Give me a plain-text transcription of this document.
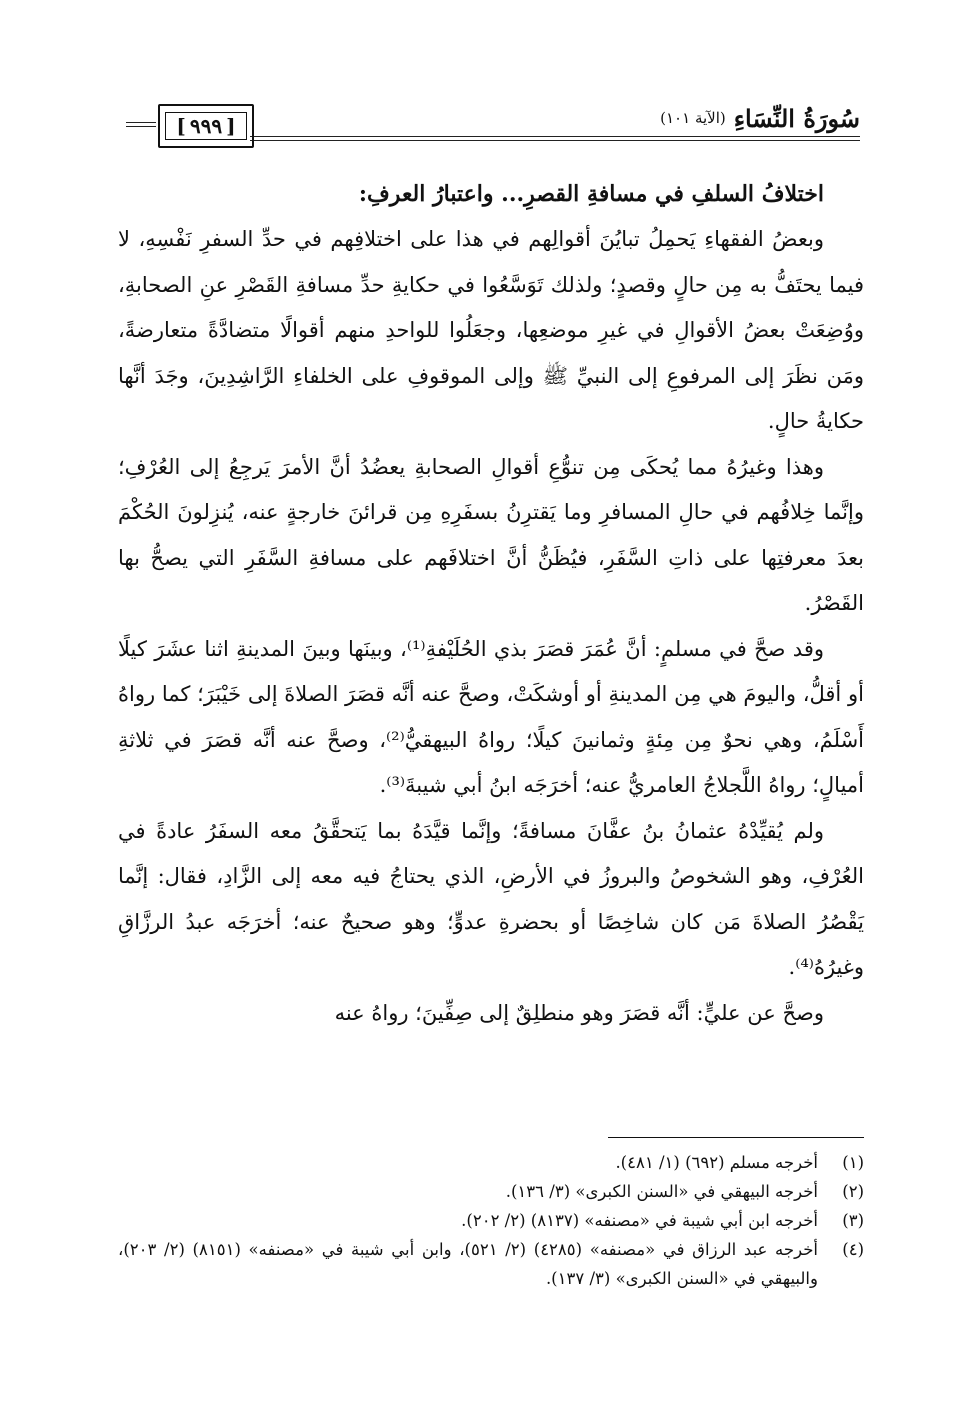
سُورَةُ النِّسَاءِ
(الآية ١٠١)
[ ٩٩٩ ]
اختلافُ السلفِ في مسافةِ القصرِ... واعتبارُ العرفِ:

وبعضُ الفقهاءِ يَحمِلُ تبايُنَ أقوالِهم في هذا على اختلافِهم في حدِّ السفرِ نَفْسِهِ، لا فيما يحتَفُّ به مِن حالٍ وقصدٍ؛ ولذلك تَوَسَّعُوا في حكايةِ حدِّ مسافةِ القَصْرِ عنِ الصحابةِ، ووُضِعَتْ بعضُ الأقوالِ في غيرِ موضعِها، وجعَلُوا للواحدِ منهم أقوالًا متضادَّةً متعارضةً، ومَن نظَرَ إلى المرفوعِ إلى النبيِّ ﷺ وإلى الموقوفِ على الخلفاءِ الرَّاشِدِينَ، وجَدَ أنَّها حكايةُ حالٍ.

وهذا وغيرُهُ مما يُحكَى مِن تنوُّعِ أقوالِ الصحابةِ يعضُدُ أنَّ الأمرَ يَرجِعُ إلى العُرْفِ؛ وإنَّما خِلافُهم في حالِ المسافرِ وما يَقترِنُ بسفَرِهِ مِن قرائنَ خارجةٍ عنه، يُنزِلونَ الحُكْمَ بعدَ معرفتِها على ذاتِ السَّفَرِ، فيُظَنُّ أنَّ اختلافَهم على مسافةِ السَّفَرِ التي يصحُّ بها القَصْرُ.

وقد صحَّ في مسلمٍ: أنَّ عُمَرَ قصَرَ بذي الحُلَيْفةِ⁽¹⁾، وبينَها وبينَ المدينةِ اثنا عشَرَ كيلًا أو أقلُّ، واليومَ هي مِن المدينةِ أو أوشكَتْ، وصحَّ عنه أنَّه قصَرَ الصلاةَ إلى خَيْبَرَ؛ كما رواهُ أَسْلَمُ، وهي نحوٌ مِن مِئةٍ وثمانينَ كيلًا؛ رواهُ البيهقيُّ⁽²⁾، وصحَّ عنه أنَّه قصَرَ في ثلاثةِ أميالٍ؛ رواهُ اللَّجلاجُ العامريُّ عنه؛ أخرَجَه ابنُ أبي شيبةَ⁽³⁾.

ولم يُقيِّدْهُ عثمانُ بنُ عفَّانَ مسافةً؛ وإنَّما قيَّدَهُ بما يَتحقَّقُ معه السفَرُ عادةً في العُرْفِ، وهو الشخوصُ والبروزُ في الأرضِ، الذي يحتاجُ فيه معه إلى الزَّادِ، فقال: إنَّما يَقْصُرُ الصلاةَ مَن كان شاخِصًا أو بحضرةِ عدوٍّ؛ وهو صحيحٌ عنه؛ أخرَجَه عبدُ الرزَّاقِ وغيرُهُ⁽⁴⁾.

وصحَّ عن عليٍّ: أنَّه قصَرَ وهو منطلِقٌ إلى صِفِّينَ؛ رواهُ عنه

(١)
أخرجه مسلم (٦٩٢) (١/ ٤٨١).
(٢)
أخرجه البيهقي في «السنن الكبرى» (٣/ ١٣٦).
(٣)
أخرجه ابن أبي شيبة في «مصنفه» (٨١٣٧) (٢/ ٢٠٢).
(٤)
أخرجه عبد الرزاق في «مصنفه» (٤٢٨٥) (٢/ ٥٢١)، وابن أبي شيبة في «مصنفه» (٨١٥١) (٢/ ٢٠٣)، والبيهقي في «السنن الكبرى» (٣/ ١٣٧).
